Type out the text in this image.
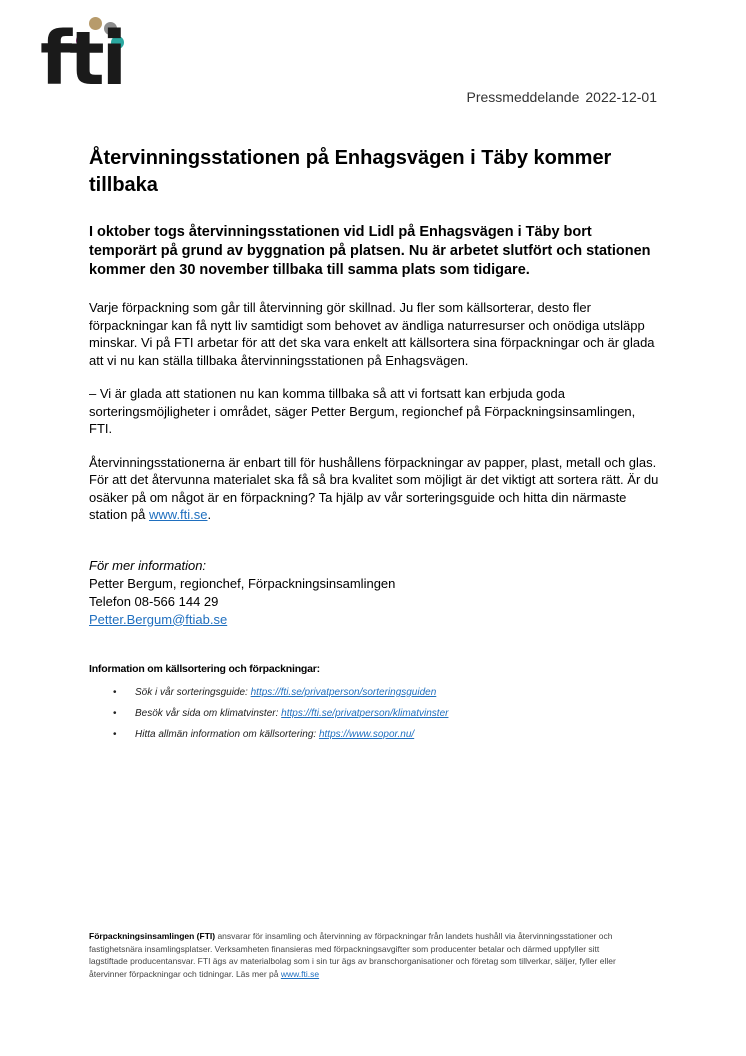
fti	Pressmeddelande 2022-12-01
Återvinningsstationen på Enhagsvägen i Täby kommer tillbaka
I oktober togs återvinningsstationen vid Lidl på Enhagsvägen i Täby bort temporärt på grund av byggnation på platsen. Nu är arbetet slutfört och stationen kommer den 30 november tillbaka till samma plats som tidigare.

Varje förpackning som går till återvinning gör skillnad. Ju fler som källsorterar, desto fler förpackningar kan få nytt liv samtidigt som behovet av ändliga naturresurser och onödiga utsläpp minskar. Vi på FTI arbetar för att det ska vara enkelt att källsortera sina förpackningar och är glada att vi nu kan ställa tillbaka återvinningsstationen på Enhagsvägen.

– Vi är glada att stationen nu kan komma tillbaka så att vi fortsatt kan erbjuda goda sorteringsmöjligheter i området, säger Petter Bergum, regionchef på Förpackningsinsamlingen, FTI.

Återvinningsstationerna är enbart till för hushållens förpackningar av papper, plast, metall och glas. För att det återvunna materialet ska få så bra kvalitet som möjligt är det viktigt att sortera rätt. Är du osäker på om något är en förpackning? Ta hjälp av vår sorteringsguide och hitta din närmaste station på www.fti.se.

För mer information:
Petter Bergum, regionchef, Förpackningsinsamlingen
Telefon 08-566 144 29
Petter.Bergum@ftiab.se
Information om källsortering och förpackningar:
• Sök i vår sorteringsguide: https://fti.se/privatperson/sorteringsguiden
• Besök vår sida om klimatvinster: https://fti.se/privatperson/klimatvinster
• Hitta allmän information om källsortering: https://www.sopor.nu/
Förpackningsinsamlingen (FTI) ansvarar för insamling och återvinning av förpackningar från landets hushåll via återvinningsstationer och fastighetsnära insamlingsplatser. Verksamheten finansieras med förpackningsavgifter som producenter betalar och därmed uppfyller sitt lagstiftade producentansvar. FTI ägs av materialbolag som i sin tur ägs av branschorganisationer och företag som tillverkar, säljer, fyller eller återvinner förpackningar och tidningar. Läs mer på www.fti.se
